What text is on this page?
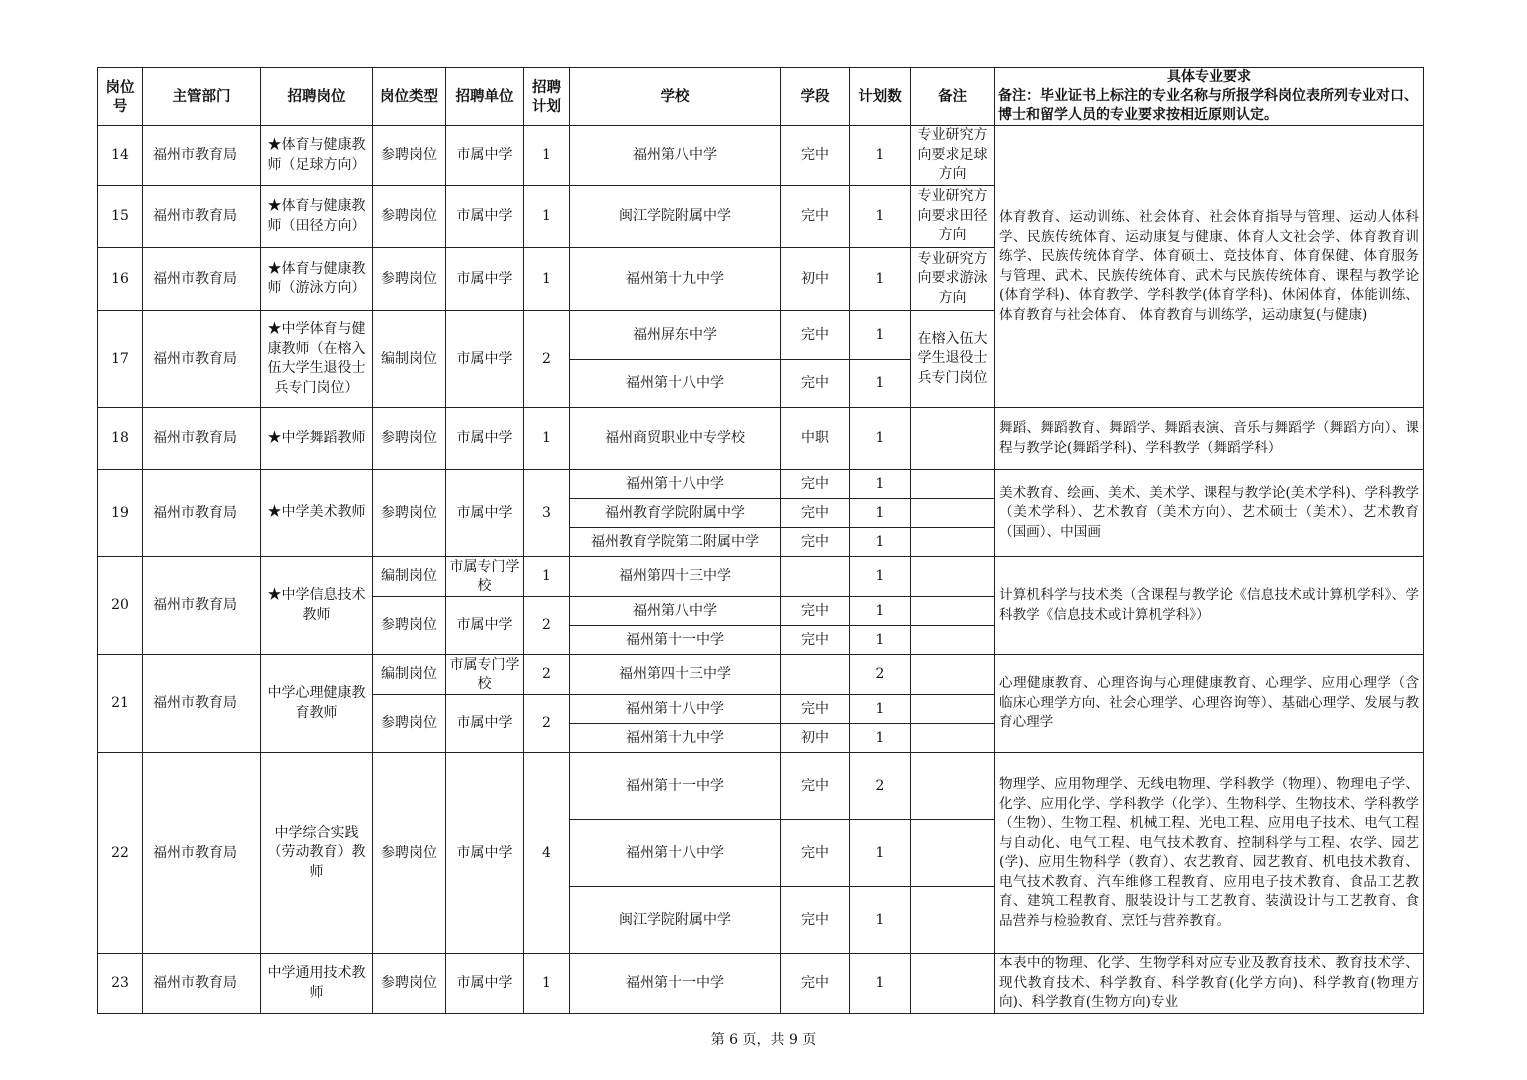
岗位号	主管部门	招聘岗位	岗位类型	招聘单位	招聘计划	学校	学段	计划数	备注	具体专业要求
备注：毕业证书上标注的专业名称与所报学科岗位表所列专业对口、博士和留学人员的专业要求按相近原则认定。

14	福州市教育局	★体育与健康教师（足球方向）	参聘岗位	市属中学	1	福州第八中学	完中	1	专业研究方向要求足球方向	体育教育、运动训练、社会体育、社会体育指导与管理、运动人体科学、民族传统体育、运动康复与健康、体育人文社会学、体育教育训练学、民族传统体育学、体育硕士、竞技体育、体育保健、体育服务与管理、武术、民族传统体育、武术与民族传统体育、课程与教学论(体育学科)、体育教学、学科教学(体育学科)、休闲体育，体能训练、体育教育与社会体育、 体育教育与训练学，运动康复(与健康)
15	福州市教育局	★体育与健康教师（田径方向）	参聘岗位	市属中学	1	闽江学院附属中学	完中	1	专业研究方向要求田径方向	
16	福州市教育局	★体育与健康教师（游泳方向）	参聘岗位	市属中学	1	福州第十九中学	初中	1	专业研究方向要求游泳方向	
17	福州市教育局	★中学体育与健康教师（在榕入伍大学生退役士兵专门岗位）	编制岗位	市属中学	2	福州屏东中学	完中	1	在榕入伍大学生退役士兵专门岗位	
						福州第十八中学	完中	1		
18	福州市教育局	★中学舞蹈教师	参聘岗位	市属中学	1	福州商贸职业中专学校	中职	1		舞蹈、舞蹈教育、舞蹈学、舞蹈表演、音乐与舞蹈学（舞蹈方向）、课程与教学论(舞蹈学科)、学科教学（舞蹈学科）
19	福州市教育局	★中学美术教师	参聘岗位	市属中学	3	福州第十八中学	完中	1		美术教育、绘画、美术、美术学、课程与教学论(美术学科)、学科教学（美术学科）、艺术教育（美术方向）、艺术硕士（美术）、艺术教育（国画）、中国画
						福州教育学院附属中学	完中	1		
						福州教育学院第二附属中学	完中	1		
20	福州市教育局	★中学信息技术教师	编制岗位	市属专门学校	1	福州第四十三中学		1		计算机科学与技术类（含课程与教学论《信息技术或计算机学科》、学科教学《信息技术或计算机学科》）
			参聘岗位	市属中学	2	福州第八中学	完中	1		
						福州第十一中学	完中	1		
21	福州市教育局	中学心理健康教育教师	编制岗位	市属专门学校	2	福州第四十三中学		2		心理健康教育、心理咨询与心理健康教育、心理学、应用心理学（含临床心理学方向、社会心理学、心理咨询等）、基础心理学、发展与教育心理学
			参聘岗位	市属中学	2	福州第十八中学	完中	1		
						福州第十九中学	初中	1		
22	福州市教育局	中学综合实践（劳动教育）教师	参聘岗位	市属中学	4	福州第十一中学	完中	2		物理学、应用物理学、无线电物理、学科教学（物理）、物理电子学、化学、应用化学、学科教学（化学）、生物科学、生物技术、学科教学（生物）、生物工程、机械工程、光电工程、应用电子技术、电气工程与自动化、电气工程、电气技术教育、控制科学与工程、农学、园艺(学)、应用生物科学（教育）、农艺教育、园艺教育、机电技术教育、电气技术教育、汽车维修工程教育、应用电子技术教育、食品工艺教育、建筑工程教育、服装设计与工艺教育、装潢设计与工艺教育、食品营养与检验教育、烹饪与营养教育。
						福州第十八中学	完中	1		
						闽江学院附属中学	完中	1		
23	福州市教育局	中学通用技术教师	参聘岗位	市属中学	1	福州第十一中学	完中	1		本表中的物理、化学、生物学科对应专业及教育技术、教育技术学、现代教育技术、科学教育、科学教育(化学方向)、科学教育(物理方向)、科学教育(生物方向)专业
第 6 页，共 9 页
